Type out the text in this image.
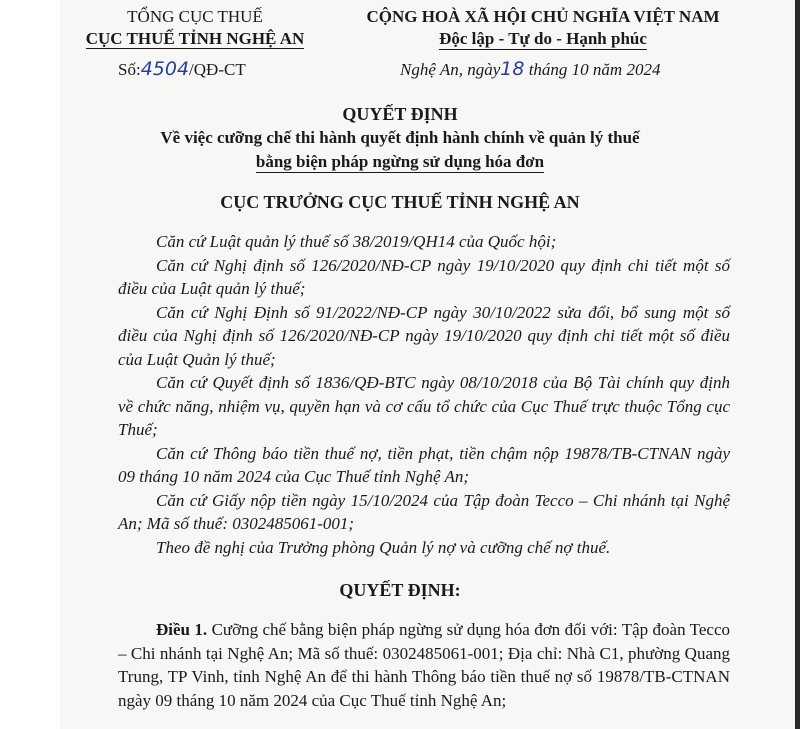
TỔNG CỤC THUẾ
CỤC THUẾ TỈNH NGHỆ AN
CỘNG HOÀ XÃ HỘI CHỦ NGHĨA VIỆT NAM
Độc lập - Tự do - Hạnh phúc
Số:4504/QĐ-CT	Nghệ An, ngày18 tháng 10 năm 2024
QUYẾT ĐỊNH
Về việc cưỡng chế thi hành quyết định hành chính về quản lý thuế
bằng biện pháp ngừng sử dụng hóa đơn
CỤC TRƯỞNG CỤC THUẾ TỈNH NGHỆ AN

Căn cứ Luật quản lý thuế số 38/2019/QH14 của Quốc hội;

Căn cứ Nghị định số 126/2020/NĐ-CP ngày 19/10/2020 quy định chi tiết một số điều của Luật quản lý thuế;

Căn cứ Nghị Định số 91/2022/NĐ-CP ngày 30/10/2022 sửa đổi, bổ sung một số điều của Nghị định số 126/2020/NĐ-CP ngày 19/10/2020 quy định chi tiết một số điều của Luật Quản lý thuế;

Căn cứ Quyết định số 1836/QĐ-BTC ngày 08/10/2018 của Bộ Tài chính quy định về chức năng, nhiệm vụ, quyền hạn và cơ cấu tổ chức của Cục Thuế trực thuộc Tổng cục Thuế;

Căn cứ Thông báo tiền thuế nợ, tiền phạt, tiền chậm nộp 19878/TB-CTNAN ngày 09 tháng 10 năm 2024 của Cục Thuế tỉnh Nghệ An;

Căn cứ Giấy nộp tiền ngày 15/10/2024 của Tập đoàn Tecco – Chi nhánh tại Nghệ An; Mã số thuế: 0302485061-001;

Theo đề nghị của Trưởng phòng Quản lý nợ và cưỡng chế nợ thuế.

QUYẾT ĐỊNH:

Điều 1. Cưỡng chế bằng biện pháp ngừng sử dụng hóa đơn đối với: Tập đoàn Tecco – Chi nhánh tại Nghệ An; Mã số thuế: 0302485061-001; Địa chỉ: Nhà C1, phường Quang Trung, TP Vinh, tỉnh Nghệ An để thi hành Thông báo tiền thuế nợ số 19878/TB-CTNAN ngày 09 tháng 10 năm 2024 của Cục Thuế tỉnh Nghệ An;
